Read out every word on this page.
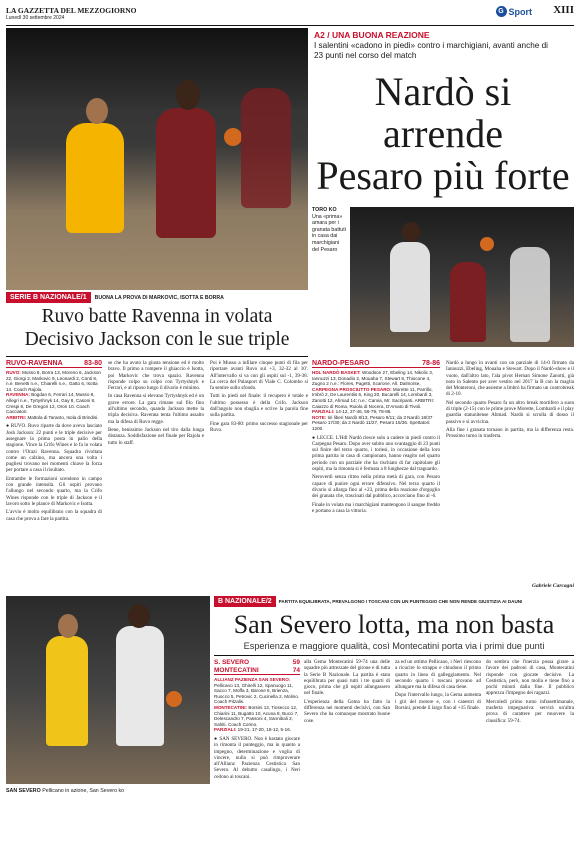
LA GAZZETTA DEL MEZZOGIORNO
Lunedì 30 settembre 2024
G Sport XIII
A2 / UNA BUONA REAZIONE
I salentini «cadono in piedi» contro i marchigiani, avanti anche di 23 punti nel corso del match
Nardò si arrende
Pesaro più forte
TORO KO
Una «prima» amara per i granata battuti in casa dai marchigiani del Pesaro
SERIE B NAZIONALE/1	BUONA LA PROVA DI MARKOVIC, ISOTTA E BORRA
Ruvo batte Ravenna in volata
Decisivo Jackson con le sue triple
RUVO-RAVENNA	83-80
RUVO: Musso 8, Borra 13, Moreno 6, Jackson 22, Giorgi 2, Markovic 9, Leonardi 2, Conti 8, n.e. Benetti n.e., Chiarelli n.e., Gatto 6, Isotta 14. Coach Rajola.
RAVENNA: Bogdan 6, Ferrari 14, Musso 8, Allegri n.e., Tyrtyshnyk 14, Gay 8, Casoni 8, Crespi 8, De Gregori 12, Oron 10. Coach Cacciatori.
ARBITRI: Mattola di Taranto, Isola di Brindisi.

● RUVO. Ruvo riparte da dove aveva lasciato Josh Jackson: 22 punti e le triple decisive per assegnare la prima posta in palio della stagione. Vince la Crifo Wines e lo fa in volata contro l'Orazi Ravenna. Squadra rivoltata come un calzino, ma ancora una volta i pugliesi trovano nei momenti chiave la forza per portare a casa il risultato.

Entrambe le formazioni scendono in campo con grande intensità. Gli ospiti provano l'allungo nel secondo quarto, ma la Crifo Wines risponde con le triple di Jackson e il lavoro sotto le plance di Markovic e Isotta.

L'avvio è molto equilibrato con la squadra di casa che prova a fare la partita.

se che ha avuto la giusta tensione ed è molto bravo. Il primo a rompere il ghiaccio è Isotta, poi Markovic che trova spazio. Ravenna risponde colpo su colpo con Tyrtyshnyk e Ferrari, e al riposo lungo il divario è minimo.

In casa Ravenna si elevano Tyrtyshnyk ed è un grave errore. La gara rimane sul filo fino all'ultimo secondo, quando Jackson mette la tripla decisiva. Ravenna tenta l'ultimo assalto ma la difesa di Ruvo regge.

Bene, benissimo Jackson nel tiro dalla lunga distanza. Soddisfazione nel finale per Rajola e tutto lo staff.

Poi è Musso a infilare cinque punti di fila per riportare avanti Ruvo sul +3, 32-32 al 10'. All'intervallo si va con gli ospiti sul -1, 39-38. La cerca del Palasport di Viale C. Colombo si fa sentire sullo sfondo.

Tutti in piedi nel finale: il recupero è totale e l'ultimo possesso è della Crifo. Jackson dall'angolo non sbaglia e scrive la parola fine sulla partita.

Fine gara 83-80: primo successo stagionale per Ruvo.

NARDÒ-PESARO	78-86
HDL NARDÒ BASKET: Woodson 27, Ebeling 14, Nikolic 3, Iannuzzi 13, Donadio 2, Mouaha 7, Stewart 8, Thiocone 4, Zugno 2 n.e.: Flores, Pagetti, Scarone. All. Dalmonte.
CARPEGNA PROSCIUTTO PESARO: Morette 11, Parrillo, Imbrò 2, De Laurentiis 6, King 20, Bucarelli 14, Lombardi 3, Zanotti 12, Ahmad 14; n.e.: Camia, Mr. Sacripanti. ARBITRI: Caiazzo di Roma, Ruiola di Nocera, D'Amato di Tivoli.
PARZIALI: 14-12, 27-46, 56-79, 78-86.
NOTE: tiri liberi Nardò 8/13, Pesaro 9/11; da 3 Nardò 18/37 Pesaro 17/30; da 2 Nardò 11/27, Pesaro 15/36. Spettatori: 1200.

● LECCE. L'Hdl Nardò riesce solo a cadere in piedi contro il Carpegna Pesaro. Dopo aver subito uno svantaggio di 23 punti sul finire del terzo quarto, i toriesi, in occasione della loro prima partita in casa di campionato, hanno reagito nel quarto periodo con un parziale che ha rischiato di far capitolare gli ospiti, ma la rimonta si è fermata a 8 lunghezze dal traguardo.

Neroverdi senza ritmo nella prima metà di gara, con Pesaro capace di punire ogni errore difensivo. Nel terzo quarto il divario si allarga fino al +23, prima della reazione d'orgoglio dei granata che, trascinati dal pubblico, accorciano fino al -6.

Finale in volata ma i marchigiani mantengono il sangue freddo e portano a casa la vittoria.

Nardò a lungo in avanti con un parziale di 14-0 firmato da Iannuzzi, Ebeling, Mouaha e Stewart. Dopo il Nardò-show e il vuoto, dall'altro lato, l'ala pivot Hernan Simone Zanotti, già noto in Salento per aver vestito nel 2017 la B con la maglia del Monteroni, che assieme a Imbrò ha firmato un controbreak di 2-10.

Nel secondo quarto Pesaro fa un altro break mortifero a suon di triple (2-15) con le prime prove Morette, Lombardi e il play guardia statunitense Ahmad. Nardò si scrolla di dosso il passivo e si avvicina.

Alla fine i granata tornano in partita, ma la differenza resta. Prossimo turno in trasferta.

Gabriele Carcagni
B NAZIONALE/2	PARTITA EQUILIBRATA, PREVALGONO I TOSCANI CON UN PUNTEGGIO CHE NON RENDE GIUSTIZIA AI DAUNI
SAN SEVERO Pellicano in azione, San Severo ko
San Severo lotta, ma non basta
Esperienza e maggiore qualità, così Montecatini porta via i primi due punti
S. SEVERO	59
MONTECATINI	74
ALLIANZ PAZIENZA SAN SEVERO: Pellicano 13, Ghirelli 12, Spanuogo 11, Sacco 7, Moffa 3, Barone 6, Brienza, Ruocco 5, Petrovic 2, Cucinella 2, Molino. Coach Pitzalis.
MONTECATINI: Borsini 13, Tiosecco 12, Chiarini 11, Bugatto 10, Acuna 8, Bucci 7, Delescandro 7, Passoni 4, Sannibali 2, Sahiti. Coach Corino.
PARZIALI: 19-21, 17-20, 18-12, 5-16.

● SAN SEVERO. Non è bastato giocare in rimonta il punteggio, ma in quanto a impegno, determinazione e voglia di vincere, nulla si può rimproverare all'Allianz Pazienza Cestistica San Severo. Al debutto casalingo, i Neri cedono ai toscani.

alla Gema Montecatini 59-74 una delle squadre più attrezzate del girone e di tutta la Serie B Nazionale. La partita è stata equilibrata per quasi tutti i tre quarti di gioco, prima che gli ospiti allungassero nel finale.

L'esperienza della Gema ha fatto la differenza nei momenti decisivi, con San Severo che ha comunque mostrato buone cose.

za ed un ottimo Pellicano, i Neri riescono a ricucire lo strappo e chiudono il primo quarto in linea di galleggiamento. Nel secondo quarto i toscani provano ad allungare ma la difesa di casa tiene.

Dopo l'intervallo lungo, la Gema aumenta i giri del motore e, con i canestri di Borsini, prende il largo fino al +15 finale.

do sembra che l'inerzia possa girare a favore dei padroni di casa, Montecatini risponde con giocate decisive. La Cestistica, però, non molla e tiene fino a pochi minuti dalla fine. Il pubblico apprezza l'impegno dei ragazzi.

Mercoledì primo turno infrasettimanale, trasferta impegnativa: servirà un'altra prova di carattere per muovere la classifica: 59-74.
